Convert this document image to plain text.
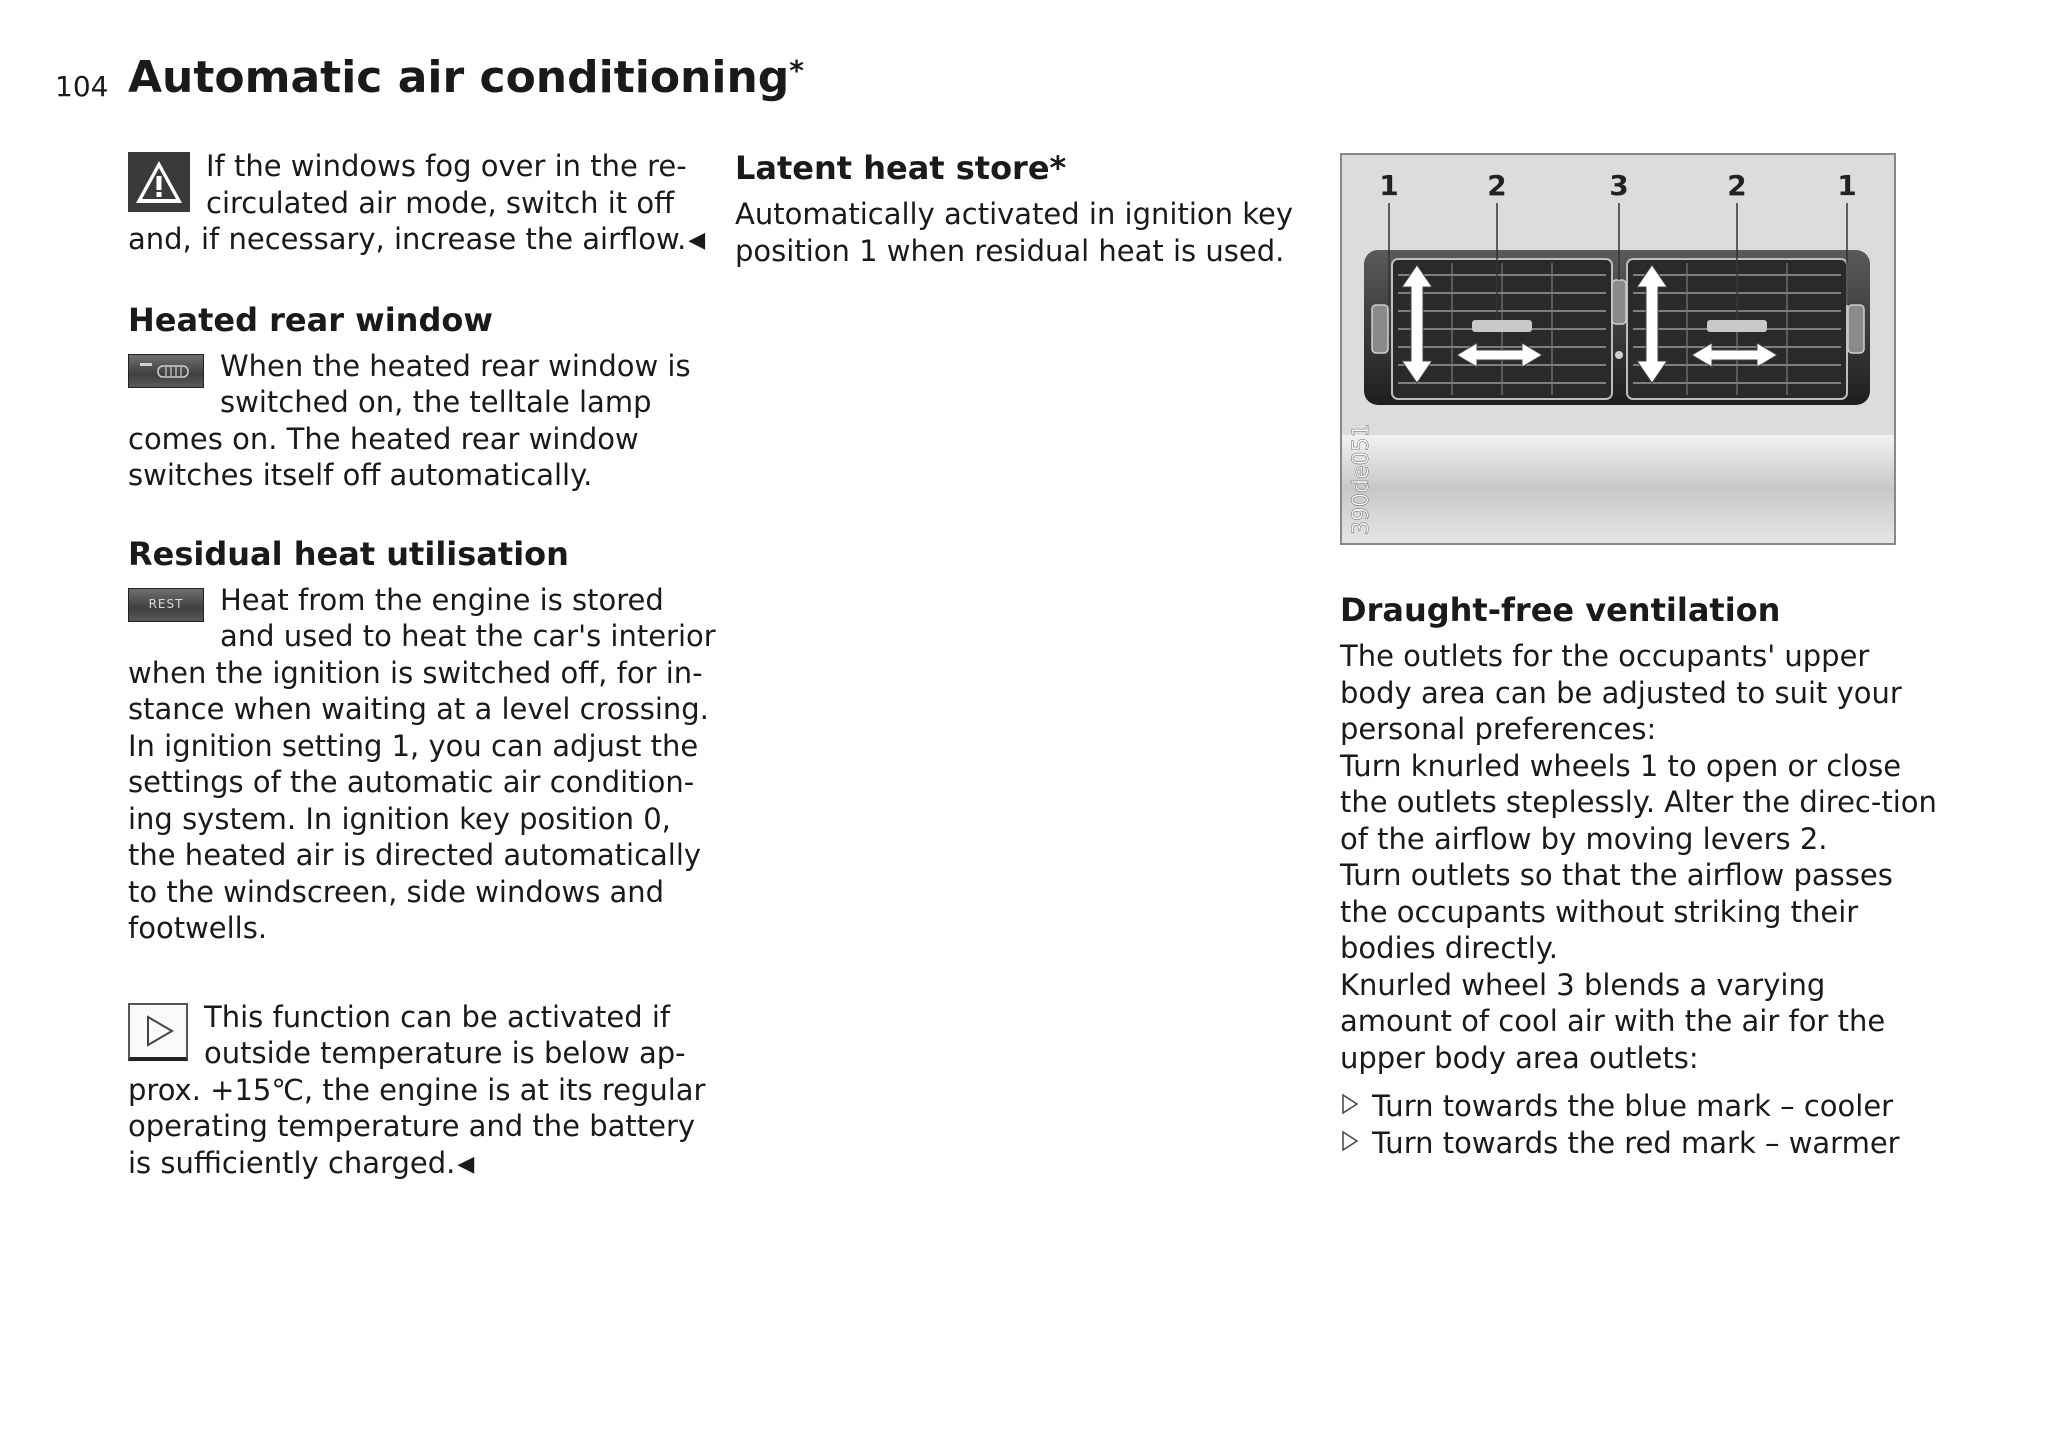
104 Automatic air conditioning*

If the windows fog over in the re-circulated air mode, switch it off and, if necessary, increase the airflow.◀

Heated rear window

When the heated rear window is switched on, the telltale lamp comes on. The heated rear window switches itself off automatically.

Residual heat utilisation
REST	Heat from the engine is stored and used to heat the car's interior when the ignition is switched off, for in-stance when waiting at a level crossing. In ignition setting 1, you can adjust the settings of the automatic air condition-ing system. In ignition key position 0, the heated air is directed automatically to the windscreen, side windows and footwells.

This function can be activated if outside temperature is below ap-prox. +15℃, the engine is at its regular operating temperature and the battery is sufficiently charged.◀

Latent heat store*

Automatically activated in ignition key position 1 when residual heat is used.

1	2	3	2	1
390de051
Draught-free ventilation

The outlets for the occupants' upper body area can be adjusted to suit your personal preferences:

Turn knurled wheels 1 to open or close the outlets steplessly. Alter the direc-tion of the airflow by moving levers 2.

Turn outlets so that the airflow passes the occupants without striking their bodies directly.

Knurled wheel 3 blends a varying amount of cool air with the air for the upper body area outlets:

Turn towards the blue mark – cooler
Turn towards the red mark – warmer
